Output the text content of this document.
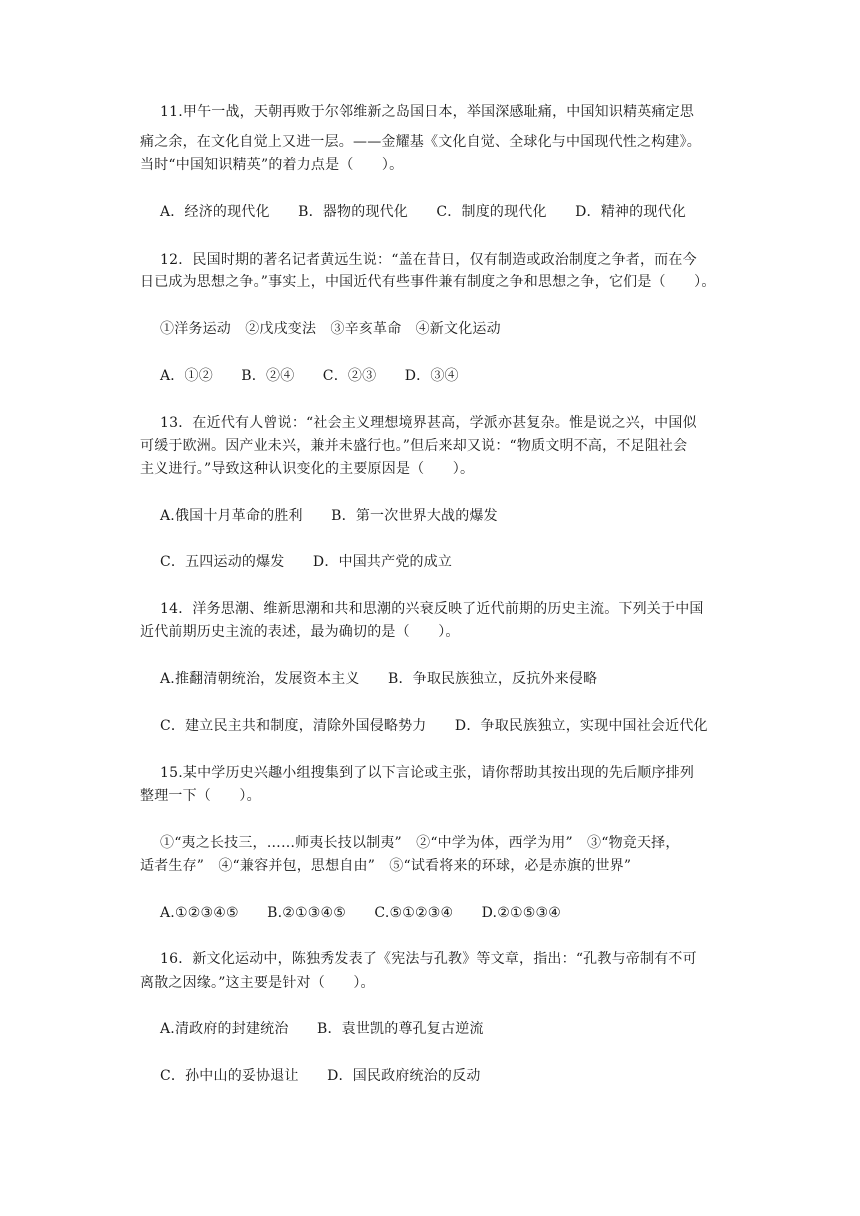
11.甲午一战，天朝再败于尔邻维新之岛国日本，举国深感耻痛，中国知识精英痛定思
痛之余，在文化自觉上又进一层。——金耀基《文化自觉、全球化与中国现代性之构建》。
当时“中国知识精英”的着力点是（　　）。
A．经济的现代化　　B．器物的现代化　　C．制度的现代化　　D．精神的现代化
12．民国时期的著名记者黄远生说：“盖在昔日，仅有制造或政治制度之争者，而在今
日已成为思想之争。”事实上，中国近代有些事件兼有制度之争和思想之争，它们是（　　）。
①洋务运动　②戊戌变法　③辛亥革命　④新文化运动
A．①②　　B．②④　　C．②③　　D．③④
13．在近代有人曾说：“社会主义理想境界甚高，学派亦甚复杂。惟是说之兴，中国似
可缓于欧洲。因产业未兴，兼并未盛行也。”但后来却又说：“物质文明不高，不足阻社会
主义进行。”导致这种认识变化的主要原因是（　　）。
A.俄国十月革命的胜利　　B．第一次世界大战的爆发
C．五四运动的爆发　　D．中国共产党的成立
14．洋务思潮、维新思潮和共和思潮的兴衰反映了近代前期的历史主流。下列关于中国
近代前期历史主流的表述，最为确切的是（　　）。
A.推翻清朝统治，发展资本主义　　B．争取民族独立，反抗外来侵略
C．建立民主共和制度，清除外国侵略势力　　D．争取民族独立，实现中国社会近代化
15.某中学历史兴趣小组搜集到了以下言论或主张，请你帮助其按出现的先后顺序排列
整理一下（　　）。
①“夷之长技三，……师夷长技以制夷”　②“中学为体，西学为用”　③“物竞天择，
适者生存”　④“兼容并包，思想自由”　⑤“试看将来的环球，必是赤旗的世界”
A.①②③④⑤　　B.②①③④⑤　　C.⑤①②③④　　D.②①⑤③④
16．新文化运动中，陈独秀发表了《宪法与孔教》等文章，指出：“孔教与帝制有不可
离散之因缘。”这主要是针对（　　）。
A.清政府的封建统治　　B．袁世凯的尊孔复古逆流
C．孙中山的妥协退让　　D．国民政府统治的反动
